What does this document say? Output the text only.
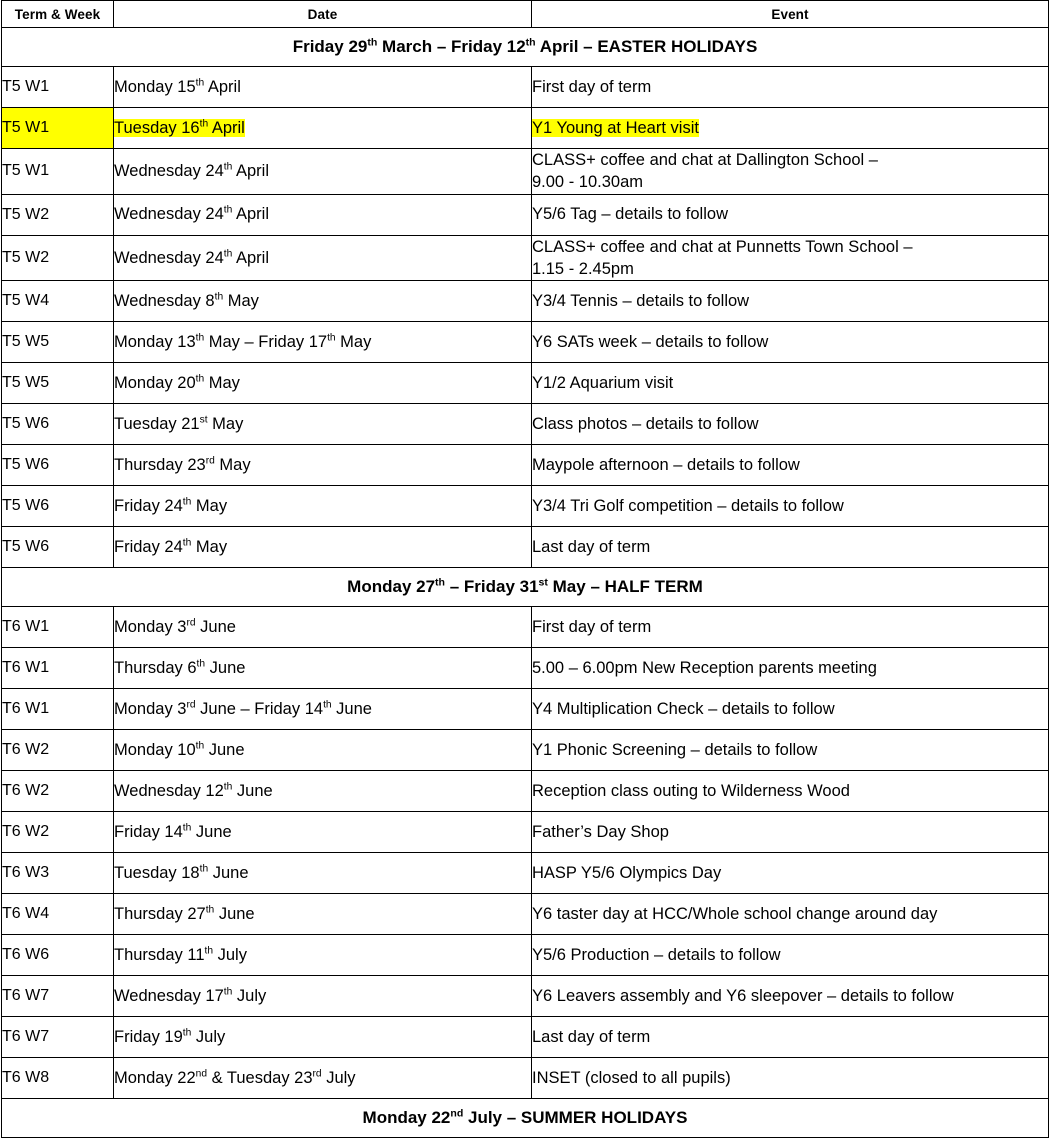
Term & Week	Date	Event
Friday 29th March – Friday 12th April – EASTER HOLIDAYS		
T5 W1	Monday 15th April	First day of term

T5 W1	Tuesday 16th April	Y1 Young at Heart visit
T5 W1	Wednesday 24th April	CLASS+ coffee and chat at Dallington School –
9.00 - 10.30am

T5 W2	Wednesday 24th April	Y5/6 Tag – details to follow

T5 W2	Wednesday 24th April	CLASS+ coffee and chat at Punnetts Town School –
1.15 - 2.45pm

T5 W4	Wednesday 8th May	Y3/4 Tennis – details to follow

T5 W5	Monday 13th May – Friday 17th May	Y6 SATs week – details to follow

T5 W5	Monday 20th May	Y1/2 Aquarium visit

T5 W6	Tuesday 21st May	Class photos – details to follow

T5 W6	Thursday 23rd May	Maypole afternoon – details to follow

T5 W6	Friday 24th May	Y3/4 Tri Golf competition – details to follow

T5 W6	Friday 24th May	Last day of term

Monday 27th – Friday 31st May – HALF TERM		
T6 W1	Monday 3rd June	First day of term

T6 W1	Thursday 6th June	5.00 – 6.00pm New Reception parents meeting

T6 W1	Monday 3rd June – Friday 14th June	Y4 Multiplication Check – details to follow

T6 W2	Monday 10th June	Y1 Phonic Screening – details to follow

T6 W2	Wednesday 12th June	Reception class outing to Wilderness Wood

T6 W2	Friday 14th June	Father’s Day Shop

T6 W3	Tuesday 18th June	HASP Y5/6 Olympics Day

T6 W4	Thursday 27th June	Y6 taster day at HCC/Whole school change around day

T6 W6	Thursday 11th July	Y5/6 Production – details to follow

T6 W7	Wednesday 17th July	Y6 Leavers assembly and Y6 sleepover – details to follow

T6 W7	Friday 19th July	Last day of term

T6 W8	Monday 22nd & Tuesday 23rd July	INSET (closed to all pupils)

Monday 22nd July – SUMMER HOLIDAYS		
